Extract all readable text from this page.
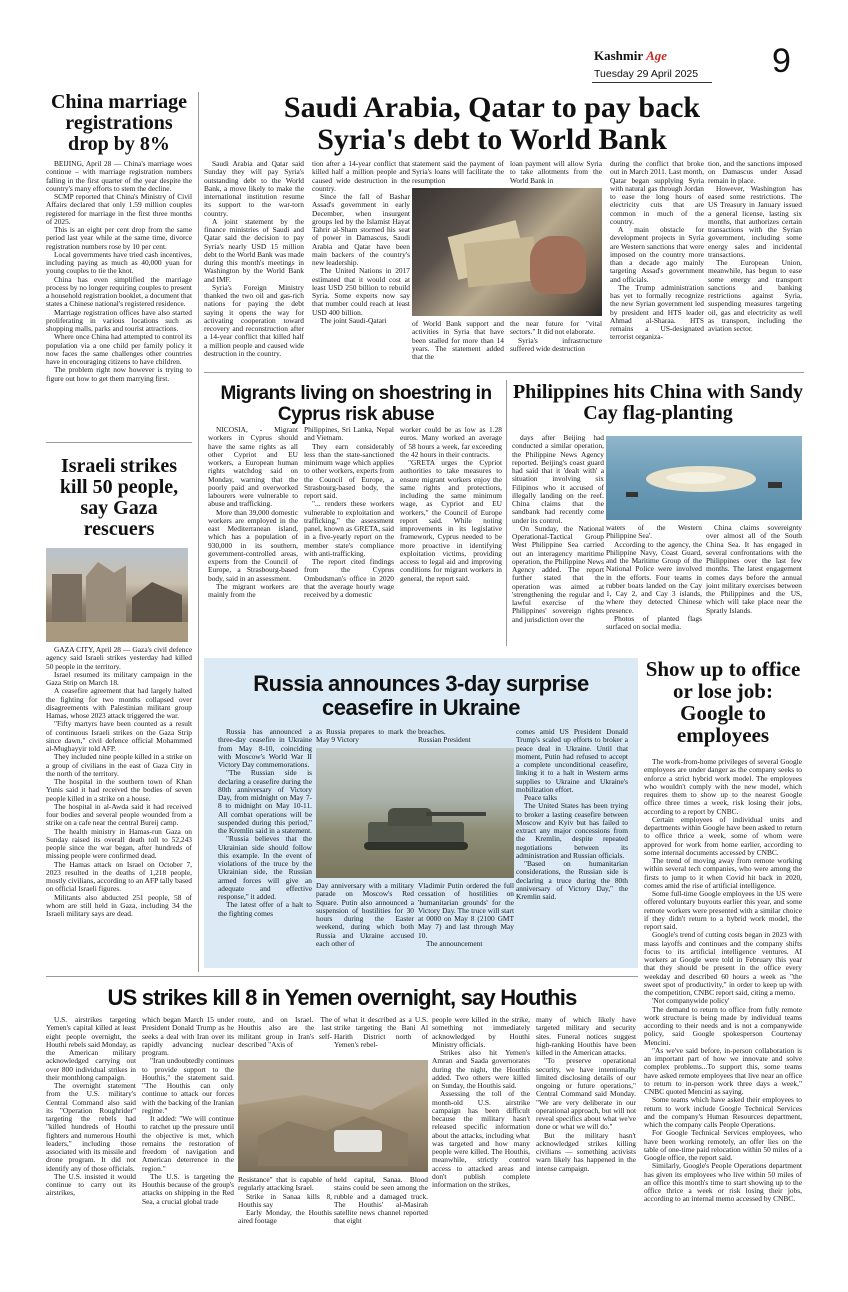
Kashmir Age
Tuesday 29 April 2025 9
China marriage registrations drop by 8%

BEIJING, April 28 — China's marriage woes continue – with marriage registration numbers falling in the first quarter of the year despite the country's many efforts to stem the decline.

SCMP reported that China's Ministry of Civil Affairs declared that only 1.59 million couples registered for marriage in the first three months of 2025.

This is an eight per cent drop from the same period last year while at the same time, divorce registration numbers rose by 10 per cent.

Local governments have tried cash incentives, including paying as much as 40,000 yuan for young couples to tie the knot.

China has even simplified the marriage process by no longer requiring couples to present a household registration booklet, a document that states a Chinese national's registered residence.

Marriage registration offices have also started proliferating in various locations such as shopping malls, parks and tourist attractions.

Where once China had attempted to control its population via a one child per family policy it now faces the same challenges other countries have in encouraging citizens to have children.

The problem right now however is trying to figure out how to get them marrying first.

Israeli strikes kill 50 people, say Gaza rescuers

GAZA CITY, April 28 — Gaza's civil defence agency said Israeli strikes yesterday had killed 50 people in the territory.

Israel resumed its military campaign in the Gaza Strip on March 18.

A ceasefire agreement that had largely halted the fighting for two months collapsed over disagreements with Palestinian militant group Hamas, whose 2023 attack triggered the war.

"Fifty martyrs have been counted as a result of continuous Israeli strikes on the Gaza Strip since dawn," civil defence official Mohammed al-Mughayyir told AFP.

They included nine people killed in a strike on a group of civilians in the east of Gaza City in the north of the territory.

The hospital in the southern town of Khan Yunis said it had received the bodies of seven people killed in a strike on a house.

The hospital in al-Awda said it had received four bodies and several people wounded from a strike on a cafe near the central Bureij camp.

The health ministry in Hamas-run Gaza on Sunday raised its overall death toll to 52,243 people since the war began, after hundreds of missing people were confirmed dead.

The Hamas attack on Israel on October 7, 2023 resulted in the deaths of 1,218 people, mostly civilians, according to an AFP tally based on official Israeli figures.

Militants also abducted 251 people, 58 of whom are still held in Gaza, including 34 the Israeli military says are dead.

Saudi Arabia, Qatar to pay back Syria's debt to World Bank

Saudi Arabia and Qatar said Sunday they will pay Syria's outstanding debt to the World Bank, a move likely to make the international institution resume its support to the war-torn country.

A joint statement by the finance ministries of Saudi and Qatar said the decision to pay Syria's nearly USD 15 million debt to the World Bank was made during this month's meetings in Washington by the World Bank and IMF.

Syria's Foreign Ministry thanked the two oil and gas-rich nations for paying the debt saying it opens the way for activating cooperation toward recovery and reconstruction after a 14-year conflict that killed half a million people and caused wide destruction in the country.

tion after a 14-year conflict that killed half a million people and caused wide destruction in the country.

Since the fall of Bashar Assad's government in early December, when insurgent groups led by the Islamist Hayat Tahrir al-Sham stormed his seat of power in Damascus, Saudi Arabia and Qatar have been main backers of the country's new leadership.

The United Nations in 2017 estimated that it would cost at least USD 250 billion to rebuild Syria. Some experts now say that number could reach at least USD 400 billion.

The joint Saudi-Qatari

statement said the payment of Syria's loans will facilitate the resumption

loan payment will allow Syria to take allotments from the World Bank in

of World Bank support and activities in Syria that have been stalled for more than 14 years. The statement added that the

the near future for "vital sectors." It did not elaborate.

Syria's infrastructure suffered wide destruction

during the conflict that broke out in March 2011. Last month, Qatar began supplying Syria with natural gas through Jordan to ease the long hours of electricity cuts that are common in much of the country.

A main obstacle for development projects in Syria are Western sanctions that were imposed on the country more than a decade ago mainly targeting Assad's government and officials.

The Trump administration has yet to formally recognize the new Syrian government led by president and HTS leader Ahmad al-Sharaa. HTS remains a US-designated terrorist organiza-

tion, and the sanctions imposed on Damascus under Assad remain in place.

However, Washington has eased some restrictions. The US Treasury in January issued a general license, lasting six months, that authorizes certain transactions with the Syrian government, including some energy sales and incidental transactions.

The European Union, meanwhile, has begun to ease some energy and transport sanctions and banking restrictions against Syria, suspending measures targeting oil, gas and electricity as well as transport, including the aviation sector.

Migrants living on shoestring in Cyprus risk abuse

NICOSIA, - Migrant workers in Cyprus should have the same rights as all other Cypriot and EU workers, a European human rights watchdog said on Monday, warning that the poorly paid and overworked labourers were vulnerable to abuse and trafficking.

More than 39,000 domestic workers are employed in the east Mediterranean island, which has a population of 930,000 in its southern, government-controlled areas, experts from the Council of Europe, a Strasbourg-based body, said in an assessment.

The migrant workers are mainly from the

Philippines, Sri Lanka, Nepal and Vietnam.

They earn considerably less than the state-sanctioned minimum wage which applies to other workers, experts from the Council of Europe, a Strasbourg-based body, the report said.

"... renders these workers vulnerable to exploitation and trafficking," the assessment panel, known as GRETA, said in a five-yearly report on the member state's compliance with anti-trafficking.

The report cited findings from the Cyprus Ombudsman's office in 2020 that the average hourly wage received by a domestic

worker could be as low as 1.28 euros. Many worked an average of 58 hours a week, far exceeding the 42 hours in their contracts.

"GRETA urges the Cypriot authorities to take measures to ensure migrant workers enjoy the same rights and protections, including the same minimum wage, as Cypriot and EU workers," the Council of Europe report said. While noting improvements in its legislative framework, Cyprus needed to be more proactive in identifying exploitation victims, providing access to legal aid and improving conditions for migrant workers in general, the report said.

Philippines hits China with Sandy Cay flag-planting

days after Beijing had conducted a similar operation, the Philippine News Agency reported. Beijing's coast guard had said that it 'dealt with' a situation involving six Filipinos who it accused of illegally landing on the reef. China claims that the sandbank had recently come under its control.

On Sunday, the National Operational-Tactical Group West Philippine Sea carried out an interagency maritime operation, the Philippine News Agency added. The report further stated that the operation was aimed at 'strengthening the regular and lawful exercise of the Philippines' sovereign rights and jurisdiction over the

waters of the Western Philippine Sea'.

According to the agency, the Philippine Navy, Coast Guard, and the Maritime Group of the National Police were involved in the efforts. Four teams in rubber boats landed on the Cay 1, Cay 2, and Cay 3 islands, where they detected Chinese presence.

Photos of planted flags surfaced on social media.

China claims sovereignty over almost all of the South China Sea. It has engaged in several confrontations with the Philippines over the last few months. The latest engagement comes days before the annual joint military exercises between the Philippines and the US, which will take place near the Spratly Islands.

Russia announces 3-day surprise ceasefire in Ukraine

Russia has announced a three-day ceasefire in Ukraine from May 8-10, coinciding with Moscow's World War II Victory Day commemorations.

"The Russian side is declaring a ceasefire during the 80th anniversary of Victory Day, from midnight on May 7-8 to midnight on May 10-11. All combat operations will be suspended during this period," the Kremlin said in a statement.

"Russia believes that the Ukrainian side should follow this example. In the event of violations of the truce by the Ukrainian side, the Russian armed forces will give an adequate and effective response," it added.

The latest offer of a halt to the fighting comes

as Russia prepares to mark the May 9 Victory

breaches.

Russian President

Day anniversary with a military parade on Moscow's Red Square. Putin also announced a suspension of hostilities for 30 hours during the Easter weekend, during which both Russia and Ukraine accused each other of

Vladimir Putin ordered the full cessation of hostilities on 'humanitarian grounds' for the Victory Day. The truce will start at 0000 on May 8 (2100 GMT May 7) and last through May 10.

The announcement

comes amid US President Donald Trump's scaled up efforts to broker a peace deal in Ukraine. Until that moment, Putin had refused to accept a complete unconditional ceasefire, linking it to a halt in Western arms supplies to Ukraine and Ukraine's mobilization effort.

Peace talks

The United States has been trying to broker a lasting ceasefire between Moscow and Kyiv but has failed to extract any major concessions from the Kremlin, despite repeated negotiations between its administration and Russian officials.

"Based on humanitarian considerations, the Russian side is declaring a truce during the 80th anniversary of Victory Day," the Kremlin said.

Show up to office or lose job: Google to employees

The work-from-home privileges of several Google employees are under danger as the company seeks to enforce a strict hybrid work model. The employees who wouldn't comply with the new model, which requires them to show up to the nearest Google office three times a week, risk losing their jobs, according to a report by CNBC.

Certain employees of individual units and departments within Google have been asked to return to office thrice a week, some of whom were approved for work from home earlier, according to some internal documents accessed by CNBC.

The trend of moving away from remote working within several tech companies, who were among the firsts to jump to it when Covid hit back in 2020, comes amid the rise of artificial intelligence.

Some full-time Google employees in the US were offered voluntary buyouts earlier this year, and some remote workers were presented with a similar choice if they didn't return to a hybrid work model, the report said.

Google's trend of cutting costs began in 2023 with mass layoffs and continues and the company shifts focus to its artificial intelligence ventures. AI workers at Google were told in February this year that they should be present in the office every weekday and described 60 hours a week as "the sweet spot of productivity," in order to keep up with the competition, CNBC report said, citing a memo.

'Not companywide policy'

The demand to return to office from fully remote work structure is being made by individual teams according to their needs and is not a companywide policy, said Google spokesperson Courtenay Mencini.

"As we've said before, in-person collaboration is an important part of how we innovate and solve complex problems...To support this, some teams have asked remote employees that live near an office to return to in-person work three days a week," CNBC quoted Mencini as saying.

Some teams which have asked their employees to return to work include Google Technical Services and the company's Human Resources department, which the company calls People Operations.

For Google Technical Services employees, who have been working remotely, an offer lies on the table of one-time paid relocation within 50 miles of a Google office, the report said.

Similarly, Google's People Operations department has given its employees who live within 50 miles of an office this month's time to start showing up to the office thrice a week or risk losing their jobs, according to an internal memo accessed by CNBC.

US strikes kill 8 in Yemen overnight, say Houthis

U.S. airstrikes targeting Yemen's capital killed at least eight people overnight, the Houthi rebels said Monday, as the American military acknowledged carrying out over 800 individual strikes in their monthlong campaign.

The overnight statement from the U.S. military's Central Command also said its "Operation Roughrider" targeting the rebels had "killed hundreds of Houthi fighters and numerous Houthi leaders," including those associated with its missile and drone program. It did not identify any of those officials.

The U.S. insisted it would continue to carry out its airstrikes,

which began March 15 under President Donald Trump as he seeks a deal with Iran over its rapidly advancing nuclear program.

"Iran undoubtedly continues to provide support to the Houthis," the statement said. "The Houthis can only continue to attack our forces with the backing of the Iranian regime."

It added: "We will continue to ratchet up the pressure until the objective is met, which remains the restoration of freedom of navigation and American deterrence in the region."

The U.S. is targeting the Houthis because of the group's attacks on shipping in the Red Sea, a crucial global trade

route, and on Israel. The Houthis also are the last militant group in Iran's self-described "Axis of

of what it described as a U.S. strike targeting the Bani Al Harith District north of Yemen's rebel-

Resistance" that is capable of regularly attacking Israel.

Strike in Sanaa kills 8, Houthis say

Early Monday, the Houthis aired footage

held capital, Sanaa. Blood stains could be seen among the rubble and a damaged truck. The Houthis' al-Masirah satellite news channel reported that eight

people were killed in the strike, something not immediately acknowledged by Houthi Ministry officials.

Strikes also hit Yemen's Amran and Saada governorates during the night, the Houthis added. Two others were killed on Sunday, the Houthis said.

Assessing the toll of the month-old U.S. airstrike campaign has been difficult because the military hasn't released specific information about the attacks, including what was targeted and how many people were killed. The Houthis, meanwhile, strictly control access to attacked areas and don't publish complete information on the strikes,

many of which likely have targeted military and security sites. Funeral notices suggest high-ranking Houthis have been killed in the American attacks.

"To preserve operational security, we have intentionally limited disclosing details of our ongoing or future operations," Central Command said Monday. "We are very deliberate in our operational approach, but will not reveal specifics about what we've done or what we will do."

But the military hasn't acknowledged strikes killing civilians — something activists warn likely has happened in the intense campaign.
